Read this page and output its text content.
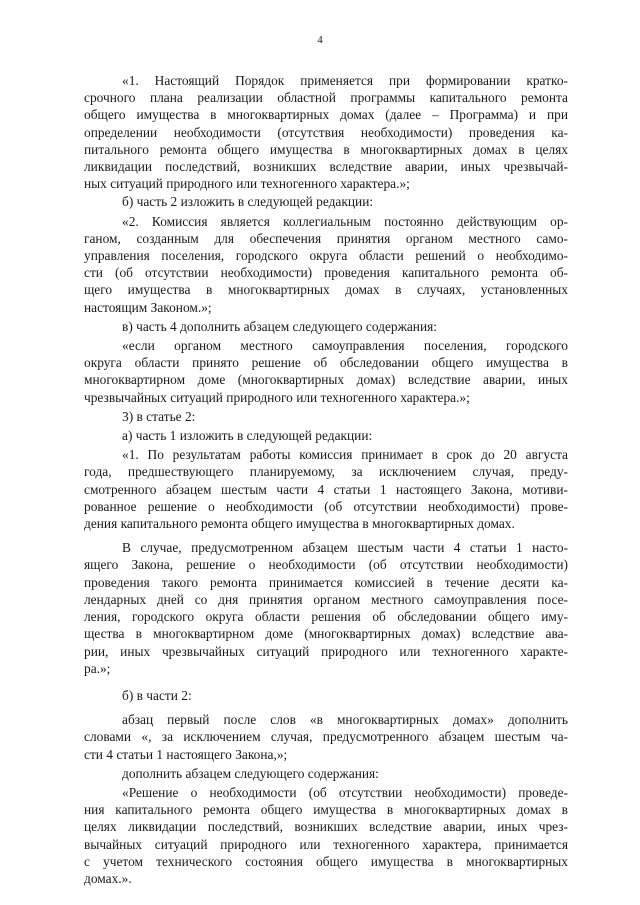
4

«1. Настоящий Порядок применяется при формировании кратко-
срочного плана реализации областной программы капитального ремонта
общего имущества в многоквартирных домах (далее – Программа) и при
определении необходимости (отсутствия необходимости) проведения ка-
питального ремонта общего имущества в многоквартирных домах в целях
ликвидации последствий, возникших вследствие аварии, иных чрезвычай-
ных ситуаций природного или техногенного характера.»;

б) часть 2 изложить в следующей редакции:

«2. Комиссия является коллегиальным постоянно действующим ор-
ганом, созданным для обеспечения принятия органом местного само-
управления поселения, городского округа области решений о необходимо-
сти (об отсутствии необходимости) проведения капитального ремонта об-
щего имущества в многоквартирных домах в случаях, установленных
настоящим Законом.»;

в) часть 4 дополнить абзацем следующего содержания:

«если органом местного самоуправления поселения, городского
округа области принято решение об обследовании общего имущества в
многоквартирном доме (многоквартирных домах) вследствие аварии, иных
чрезвычайных ситуаций природного или техногенного характера.»;

3) в статье 2:

а) часть 1 изложить в следующей редакции:

«1. По результатам работы комиссия принимает в срок до 20 августа
года, предшествующего планируемому, за исключением случая, преду-
смотренного абзацем шестым части 4 статьи 1 настоящего Закона, мотиви-
рованное решение о необходимости (об отсутствии необходимости) прове-
дения капитального ремонта общего имущества в многоквартирных домах.

В случае, предусмотренном абзацем шестым части 4 статьи 1 насто-
ящего Закона, решение о необходимости (об отсутствии необходимости)
проведения такого ремонта принимается комиссией в течение десяти ка-
лендарных дней со дня принятия органом местного самоуправления посе-
ления, городского округа области решения об обследовании общего иму-
щества в многоквартирном доме (многоквартирных домах) вследствие ава-
рии, иных чрезвычайных ситуаций природного или техногенного характе-
ра.»;

б) в части 2:

абзац первый после слов «в многоквартирных домах» дополнить
словами «, за исключением случая, предусмотренного абзацем шестым ча-
сти 4 статьи 1 настоящего Закона,»;

дополнить абзацем следующего содержания:

«Решение о необходимости (об отсутствии необходимости) проведе-
ния капитального ремонта общего имущества в многоквартирных домах в
целях ликвидации последствий, возникших вследствие аварии, иных чрез-
вычайных ситуаций природного или техногенного характера, принимается
с учетом технического состояния общего имущества в многоквартирных
домах.».
